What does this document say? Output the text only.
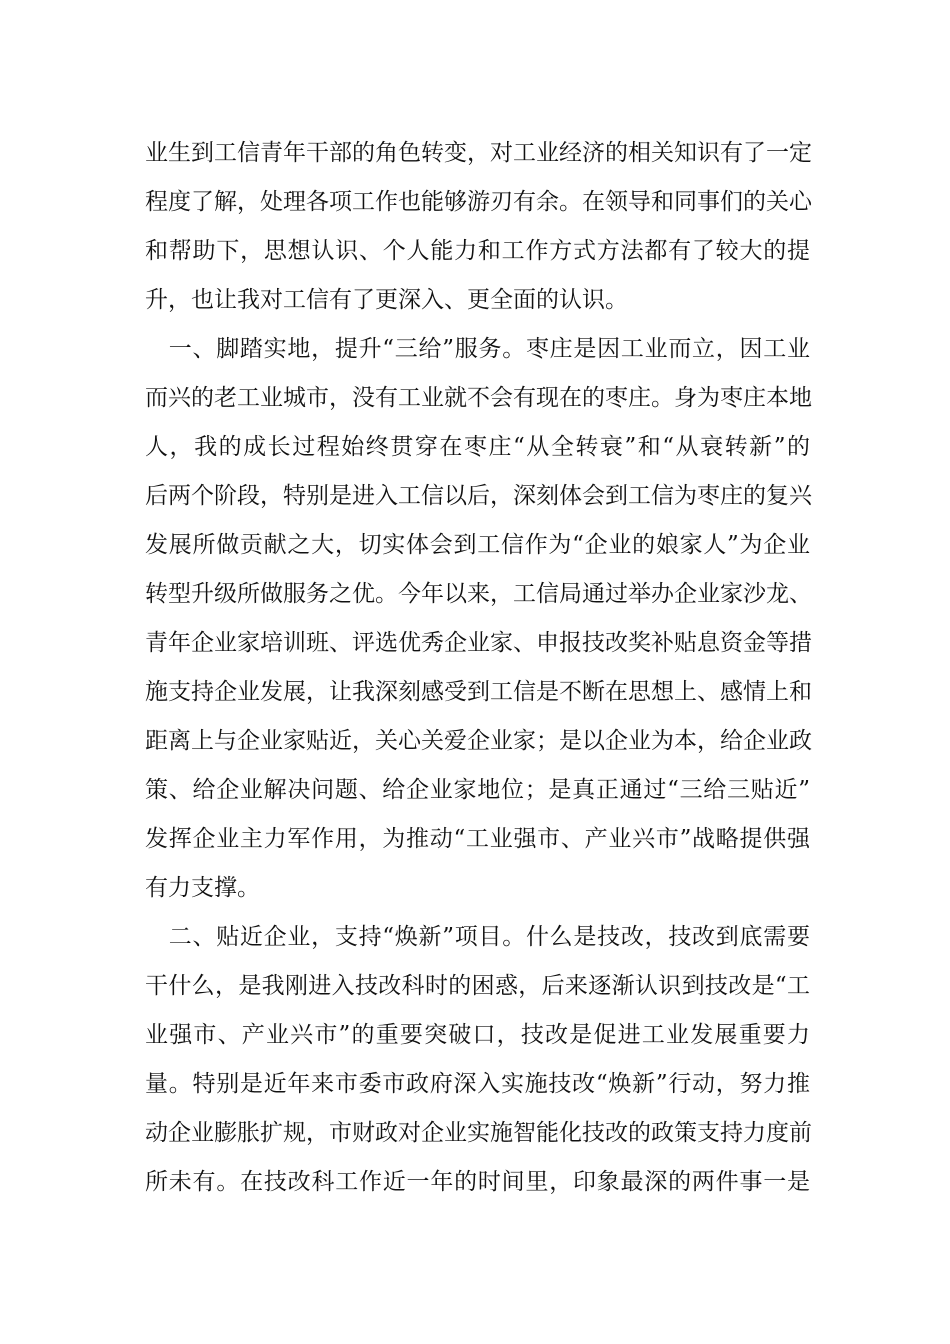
业生到工信青年干部的角色转变，对工业经济的相关知识有了一定
程度了解，处理各项工作也能够游刃有余。在领导和同事们的关心
和帮助下，思想认识、个人能力和工作方式方法都有了较大的提
升，也让我对工信有了更深入、更全面的认识。
　一、脚踏实地，提升“三给”服务。枣庄是因工业而立，因工业
而兴的老工业城市，没有工业就不会有现在的枣庄。身为枣庄本地
人，我的成长过程始终贯穿在枣庄“从全转衰”和“从衰转新”的
后两个阶段，特别是进入工信以后，深刻体会到工信为枣庄的复兴
发展所做贡献之大，切实体会到工信作为“企业的娘家人”为企业
转型升级所做服务之优。今年以来，工信局通过举办企业家沙龙、
青年企业家培训班、评选优秀企业家、申报技改奖补贴息资金等措
施支持企业发展，让我深刻感受到工信是不断在思想上、感情上和
距离上与企业家贴近，关心关爱企业家；是以企业为本，给企业政
策、给企业解决问题、给企业家地位；是真正通过“三给三贴近”
发挥企业主力军作用，为推动“工业强市、产业兴市”战略提供强
有力支撑。
　二、贴近企业，支持“焕新”项目。什么是技改，技改到底需要
干什么，是我刚进入技改科时的困惑，后来逐渐认识到技改是“工
业强市、产业兴市”的重要突破口，技改是促进工业发展重要力
量。特别是近年来市委市政府深入实施技改“焕新”行动，努力推
动企业膨胀扩规，市财政对企业实施智能化技改的政策支持力度前
所未有。在技改科工作近一年的时间里，印象最深的两件事一是
